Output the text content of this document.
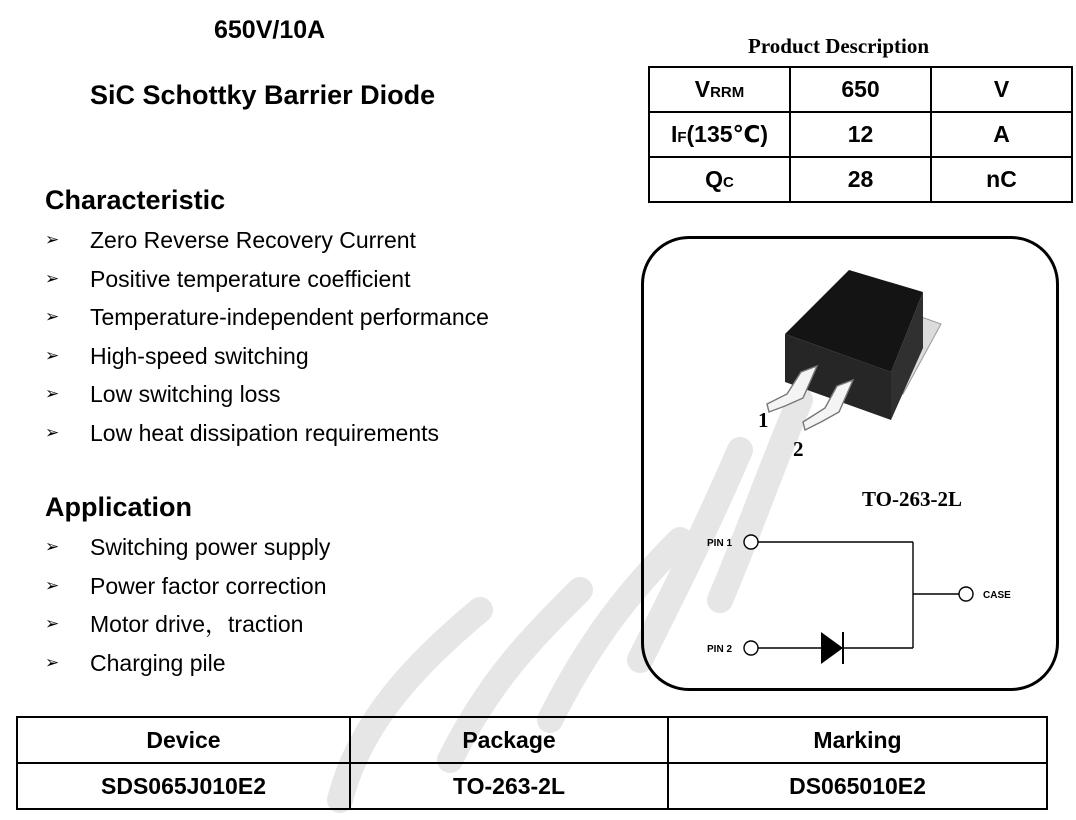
650V/10A
SiC Schottky Barrier Diode
Characteristic
➢ Zero Reverse Recovery Current
➢ Positive temperature coefficient
➢ Temperature-independent performance
➢ High-speed switching
➢ Low switching loss
➢ Low heat dissipation requirements
Application
➢ Switching power supply
➢ Power factor correction
➢ Motor drive，traction
➢ Charging pile
Product Description
VRRM	650	V
IF(135℃)	12	A
QC	28	nC
1
2
TO-263-2L
PIN 1
PIN 2
CASE
Device	Package	Marking
SDS065J010E2	TO-263-2L	DS065010E2
